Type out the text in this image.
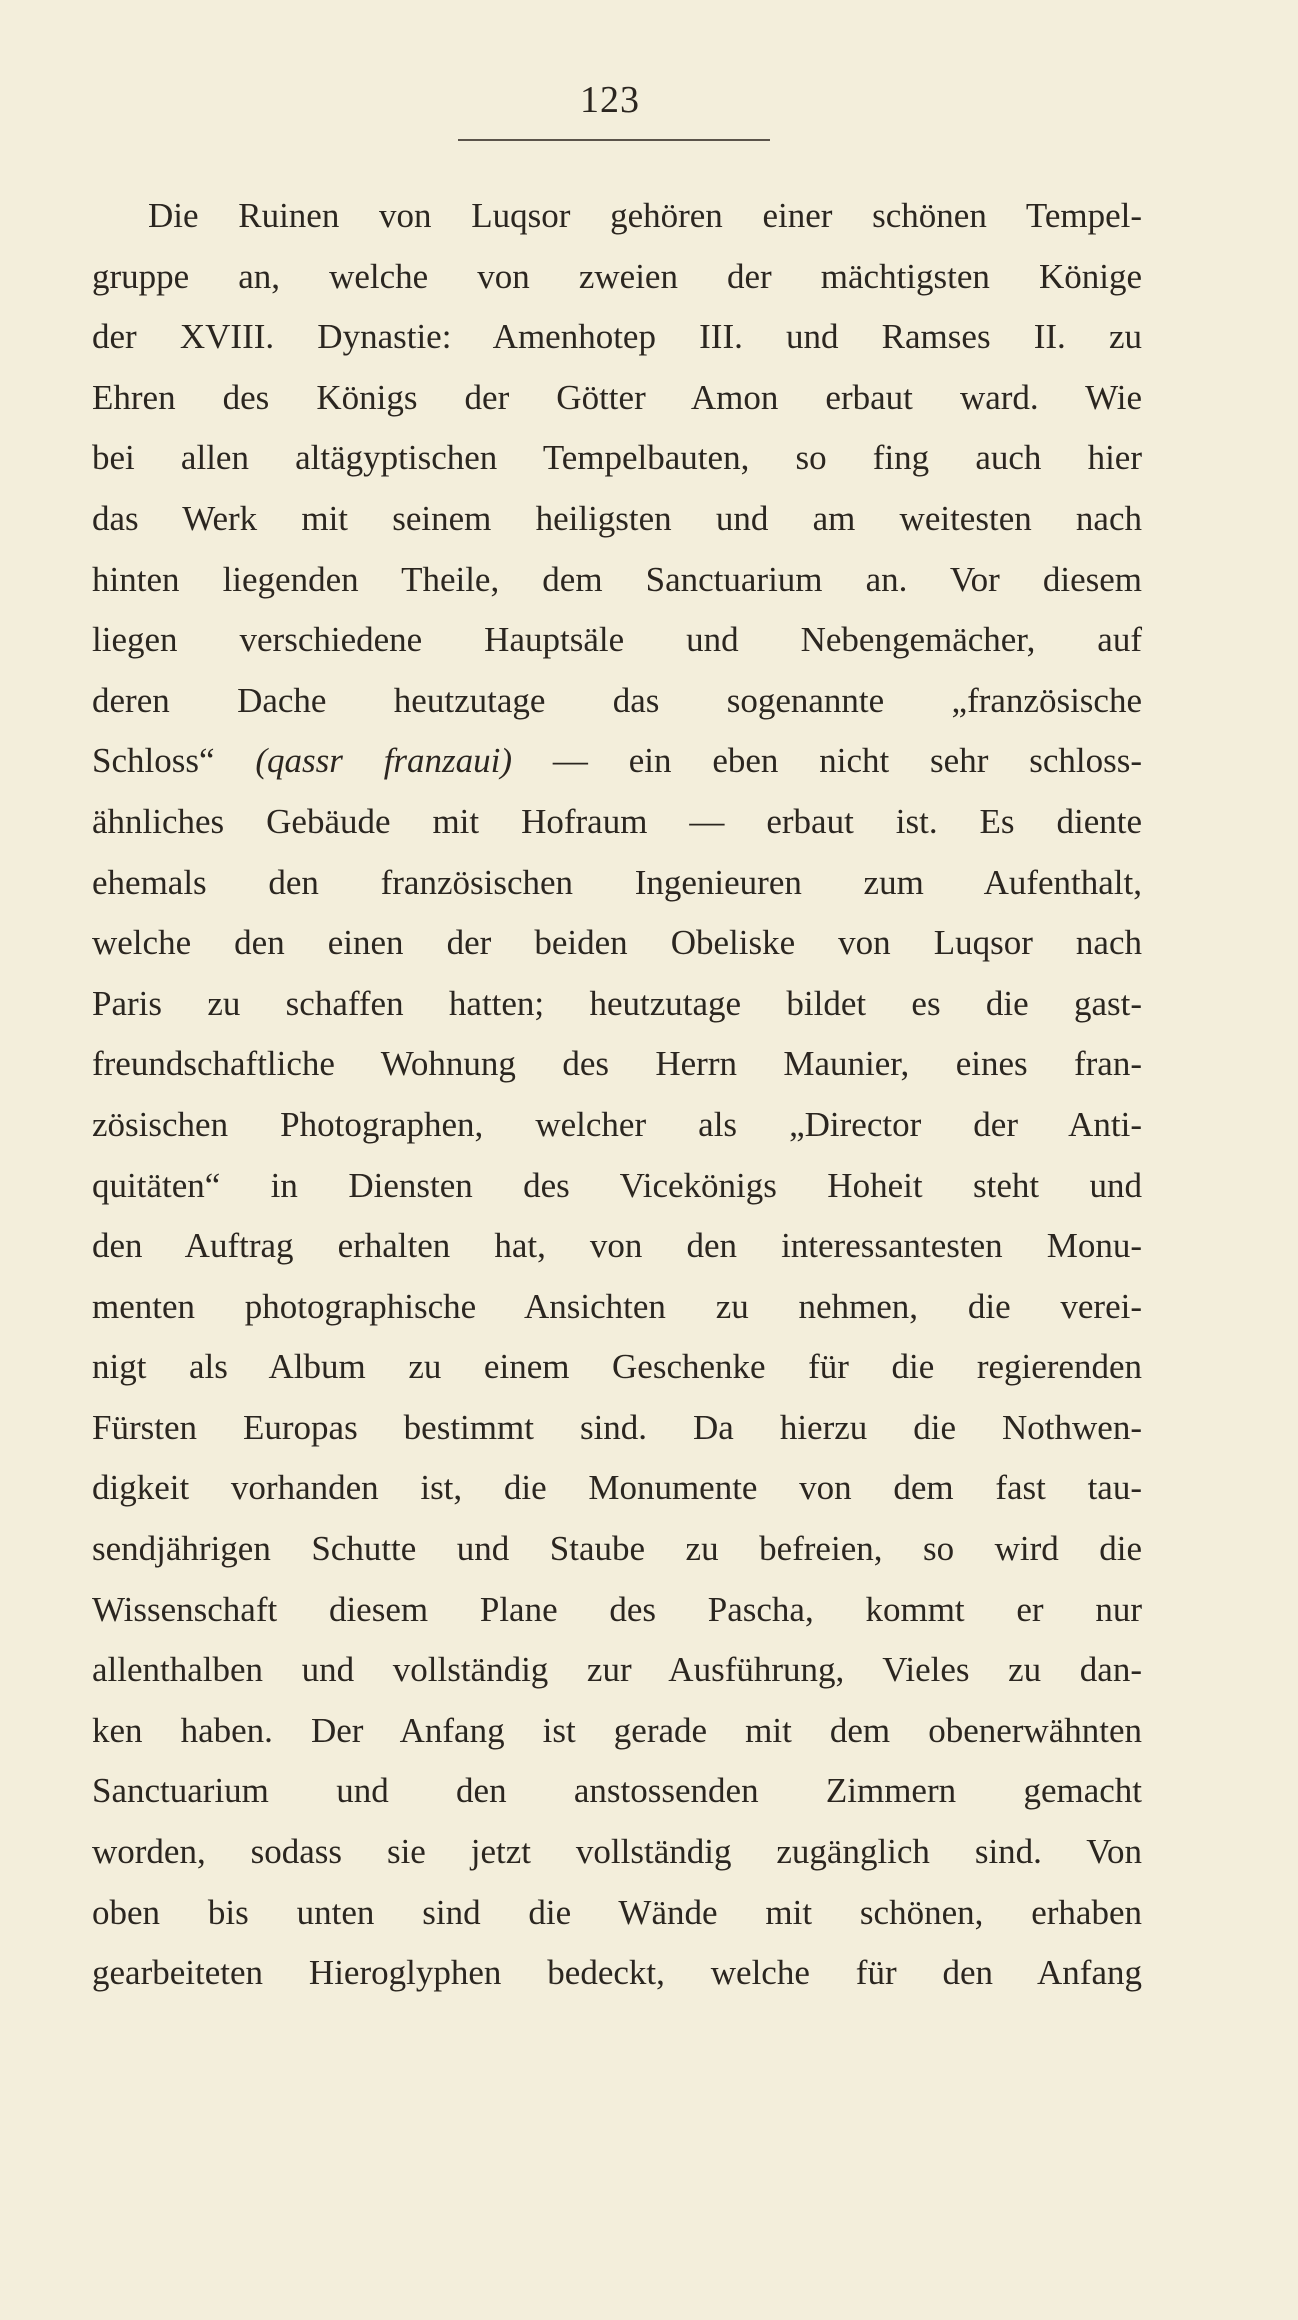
123
Die Ruinen von Luqsor gehören einer schönen Tempel-
gruppe an, welche von zweien der mächtigsten Könige
der XVIII. Dynastie: Amenhotep III. und Ramses II. zu
Ehren des Königs der Götter Amon erbaut ward. Wie
bei allen altägyptischen Tempelbauten, so fing auch hier
das Werk mit seinem heiligsten und am weitesten nach
hinten liegenden Theile, dem Sanctuarium an. Vor diesem
liegen verschiedene Hauptsäle und Nebengemächer, auf
deren Dache heutzutage das sogenannte „französische
Schloss“ (qassr franzaui) — ein eben nicht sehr schloss-
ähnliches Gebäude mit Hofraum — erbaut ist. Es diente
ehemals den französischen Ingenieuren zum Aufenthalt,
welche den einen der beiden Obeliske von Luqsor nach
Paris zu schaffen hatten; heutzutage bildet es die gast-
freundschaftliche Wohnung des Herrn Maunier, eines fran-
zösischen Photographen, welcher als „Director der Anti-
quitäten“ in Diensten des Vicekönigs Hoheit steht und
den Auftrag erhalten hat, von den interessantesten Monu-
menten photographische Ansichten zu nehmen, die verei-
nigt als Album zu einem Geschenke für die regierenden
Fürsten Europas bestimmt sind. Da hierzu die Nothwen-
digkeit vorhanden ist, die Monumente von dem fast tau-
sendjährigen Schutte und Staube zu befreien, so wird die
Wissenschaft diesem Plane des Pascha, kommt er nur
allenthalben und vollständig zur Ausführung, Vieles zu dan-
ken haben. Der Anfang ist gerade mit dem obenerwähnten
Sanctuarium und den anstossenden Zimmern gemacht
worden, sodass sie jetzt vollständig zugänglich sind. Von
oben bis unten sind die Wände mit schönen, erhaben
gearbeiteten Hieroglyphen bedeckt, welche für den Anfang
